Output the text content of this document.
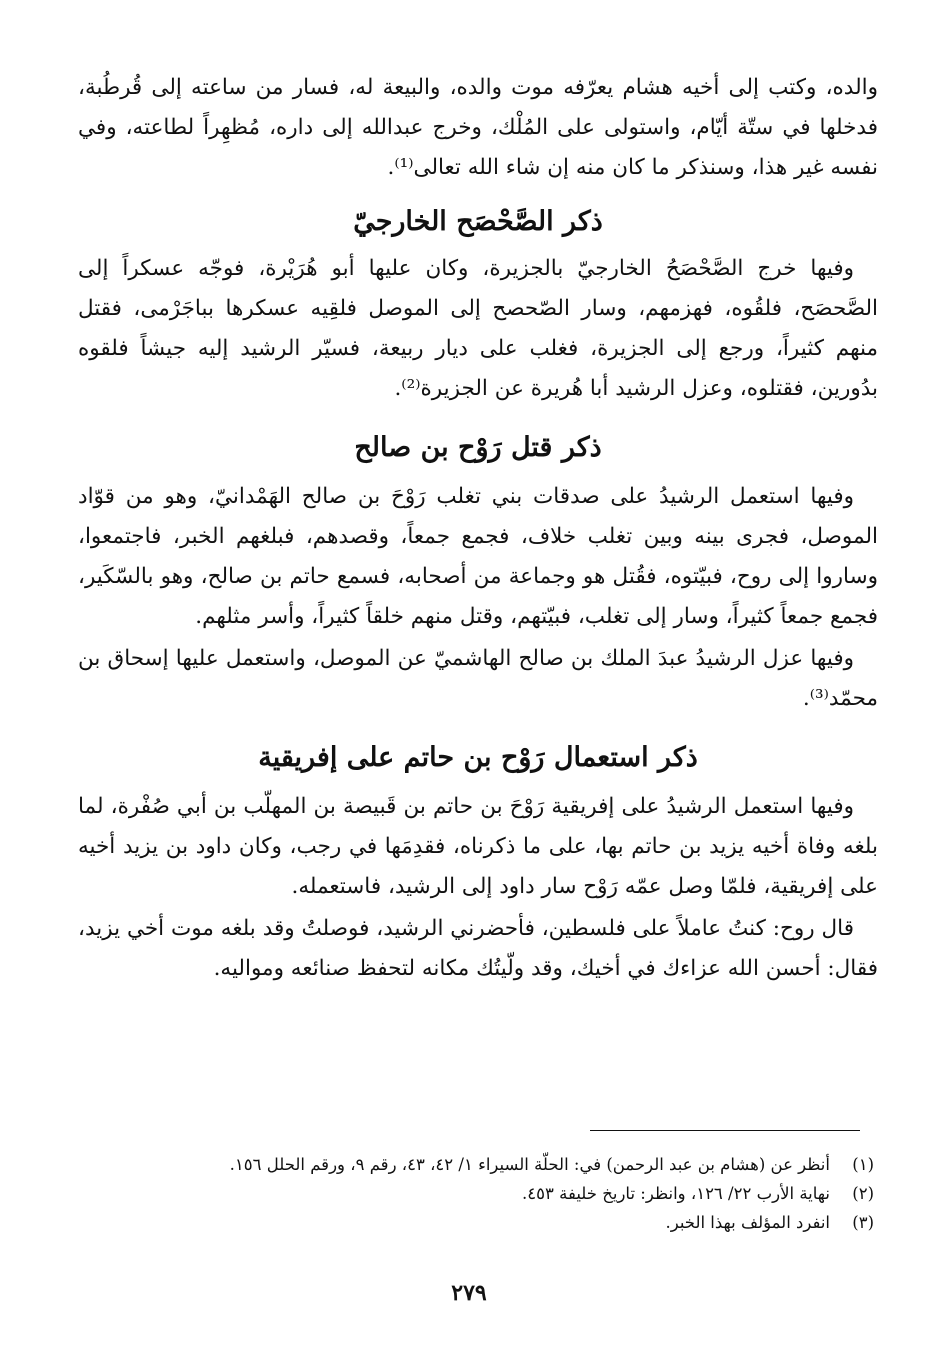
والده، وكتب إلى أخيه هشام يعرّفه موت والده، والبيعة له، فسار من ساعته إلى قُرطُبة، فدخلها في ستّة أيّام، واستولى على المُلْك، وخرج عبدالله إلى داره، مُظهِراً لطاعته، وفي نفسه غير هذا، وسنذكر ما كان منه إن شاء الله تعالى⁽¹⁾.

ذكر الصَّحْصَح الخارجيّ

وفيها خرج الصَّحْصَحُ الخارجيّ بالجزيرة، وكان عليها أبو هُرَيْرة، فوجّه عسكراً إلى الصَّحصَح، فلقُوه، فهزمهم، وسار الصّحصح إلى الموصل فلقِيه عسكرها بباجَرْمى، فقتل منهم كثيراً، ورجع إلى الجزيرة، فغلب على ديار ربيعة، فسيّر الرشيد إليه جيشاً فلقوه بدُورين، فقتلوه، وعزل الرشيد أبا هُريرة عن الجزيرة⁽²⁾.

ذكر قتل رَوْح بن صالح

وفيها استعمل الرشيدُ على صدقات بني تغلب رَوْحَ بن صالح الهَمْدانيّ، وهو من قوّاد الموصل، فجرى بينه وبين تغلب خلاف، فجمع جمعاً، وقصدهم، فبلغهم الخبر، فاجتمعوا، وساروا إلى روح، فبيّتوه، فقُتل هو وجماعة من أصحابه، فسمع حاتم بن صالح، وهو بالسّكَير، فجمع جمعاً كثيراً، وسار إلى تغلب، فبيّتهم، وقتل منهم خلقاً كثيراً، وأسر مثلهم.

وفيها عزل الرشيدُ عبدَ الملك بن صالح الهاشميّ عن الموصل، واستعمل عليها إسحاق بن محمّد⁽³⁾.

ذكر استعمال رَوْح بن حاتم على إفريقية

وفيها استعمل الرشيدُ على إفريقية رَوْحَ بن حاتم بن قَبيصة بن المهلّب بن أبي صُفْرة، لما بلغه وفاة أخيه يزيد بن حاتم بها، على ما ذكرناه، فقدِمَها في رجب، وكان داود بن يزيد أخيه على إفريقية، فلمّا وصل عمّه رَوْح سار داود إلى الرشيد، فاستعمله.

قال روح: كنتُ عاملاً على فلسطين، فأحضرني الرشيد، فوصلتُ وقد بلغه موت أخي يزيد، فقال: أحسن الله عزاءك في أخيك، وقد ولّيتُك مكانه لتحفظ صنائعه ومواليه.

(١)
أنظر عن (هشام بن عبد الرحمن) في: الحلّة السيراء ١/ ٤٢، ٤٣، رقم ٩، ورقم الحلل ١٥٦.
(٢)
نهاية الأرب ٢٢/ ١٢٦، وانظر: تاريخ خليفة ٤٥٣.
(٣)
انفرد المؤلف بهذا الخبر.
٢٧٩
